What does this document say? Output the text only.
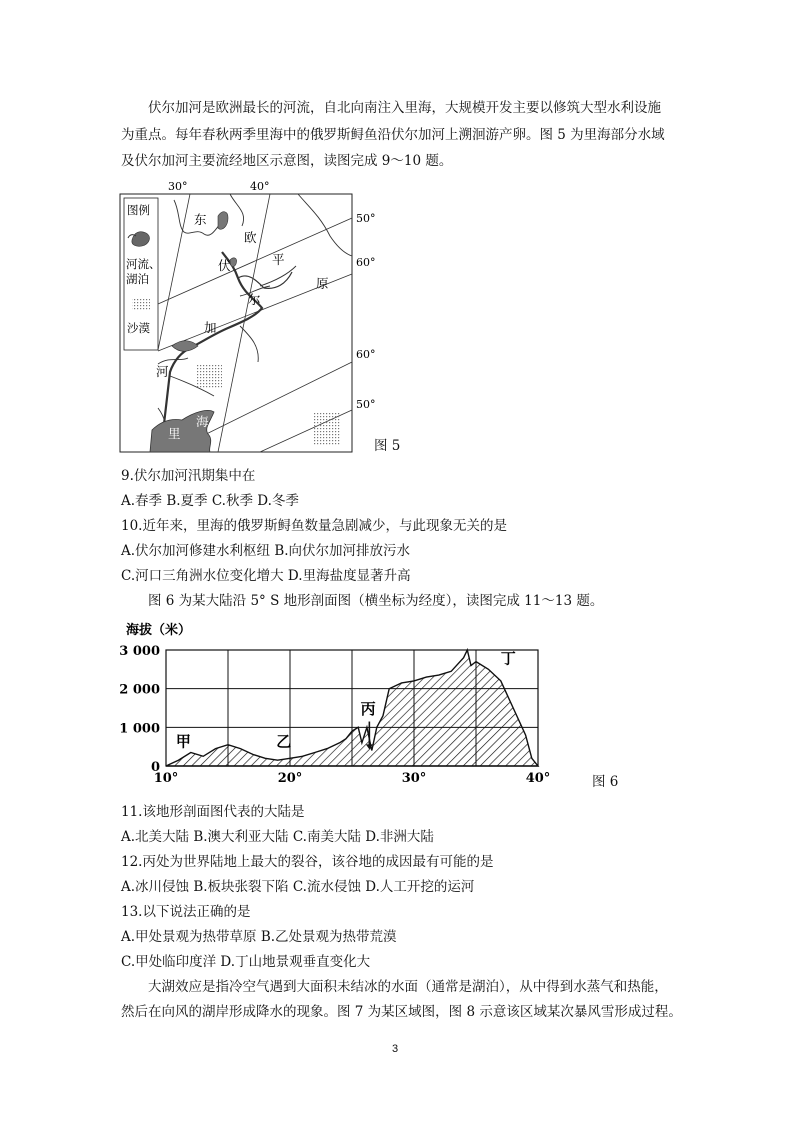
伏尔加河是欧洲最长的河流，自北向南注入里海，大规模开发主要以修筑大型水利设施
为重点。每年春秋两季里海中的俄罗斯鲟鱼沿伏尔加河上溯洄游产卵。图 5 为里海部分水域
及伏尔加河主要流经地区示意图，读图完成 9～10 题。
图例
河流、湖泊
沙漠
东
欧
伏	平
原
尔
加
河
里
海
30°	40°
50°
60°
60°
50°
图 5
9.伏尔加河汛期集中在
A.春季 B.夏季 C.秋季 D.冬季
10.近年来，里海的俄罗斯鲟鱼数量急剧减少，与此现象无关的是
A.伏尔加河修建水利枢纽 B.向伏尔加河排放污水
C.河口三角洲水位变化增大 D.里海盐度显著升高
图 6 为某大陆沿 5° S 地形剖面图（横坐标为经度），读图完成 11～13 题。
海拔（米）
3 000
2 000
1 000
0
10°	20°	30°	40°
甲	乙
丙
丁
图 6
11.该地形剖面图代表的大陆是
A.北美大陆 B.澳大利亚大陆 C.南美大陆 D.非洲大陆
12.丙处为世界陆地上最大的裂谷，该谷地的成因最有可能的是
A.冰川侵蚀 B.板块张裂下陷 C.流水侵蚀 D.人工开挖的运河
13.以下说法正确的是
A.甲处景观为热带草原 B.乙处景观为热带荒漠
C.甲处临印度洋 D.丁山地景观垂直变化大
大湖效应是指冷空气遇到大面积未结冰的水面（通常是湖泊），从中得到水蒸气和热能，
然后在向风的湖岸形成降水的现象。图 7 为某区域图，图 8 示意该区域某次暴风雪形成过程。
3
